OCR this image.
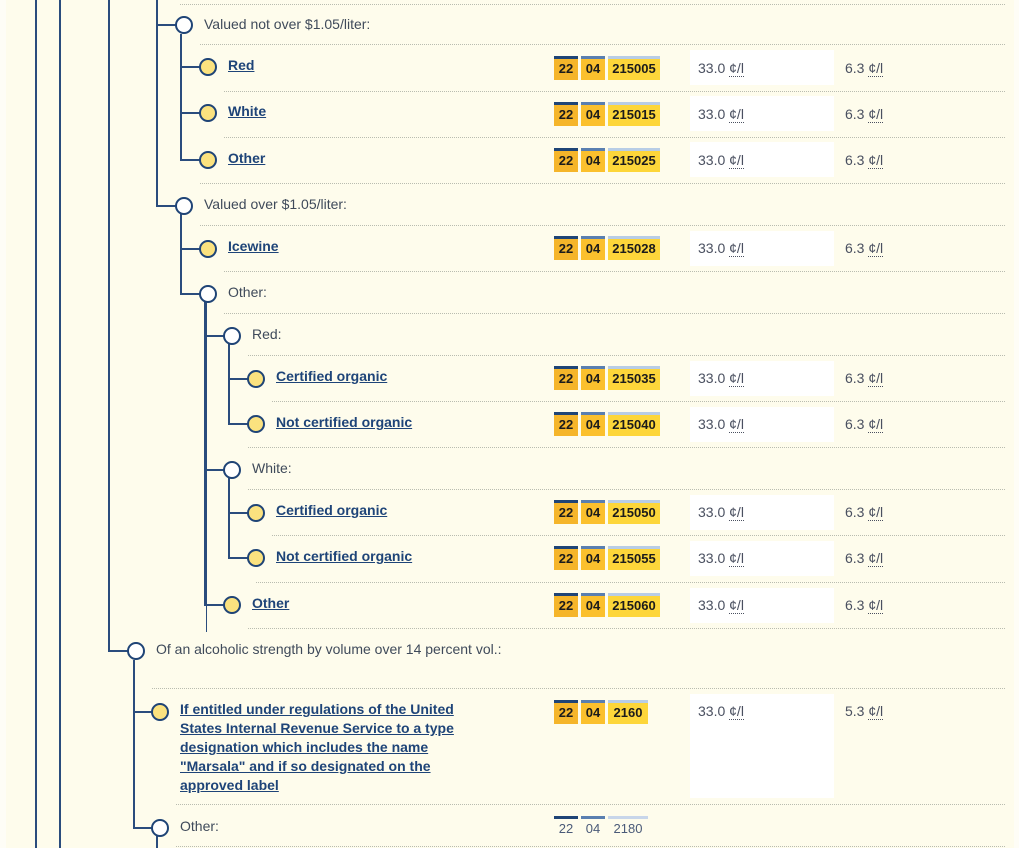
Valued not over $1.05/liter:
Valued over $1.05/liter:
Other:
Red:
White:
Of an alcoholic strength by volume over 14 percent vol.:
Other:
Red
White
Other
Icewine
Certified organic
Not certified organic
Certified organic
Not certified organic
Other
If entitled under regulations of the United States Internal Revenue Service to a type designation which includes the name "Marsala" and if so designated on the approved label
22 04 215005
22 04 215015
22 04 215025
22 04 215028
22 04 215035
22 04 215040
22 04 215050
22 04 215055
22 04 215060
22 04	2160
22 04	2180
33.0 ¢/l
33.0 ¢/l
33.0 ¢/l
33.0 ¢/l
33.0 ¢/l
33.0 ¢/l
33.0 ¢/l
33.0 ¢/l
33.0 ¢/l
33.0 ¢/l
6.3 ¢/l
6.3 ¢/l
6.3 ¢/l
6.3 ¢/l
6.3 ¢/l
6.3 ¢/l
6.3 ¢/l
6.3 ¢/l
6.3 ¢/l
5.3 ¢/l
